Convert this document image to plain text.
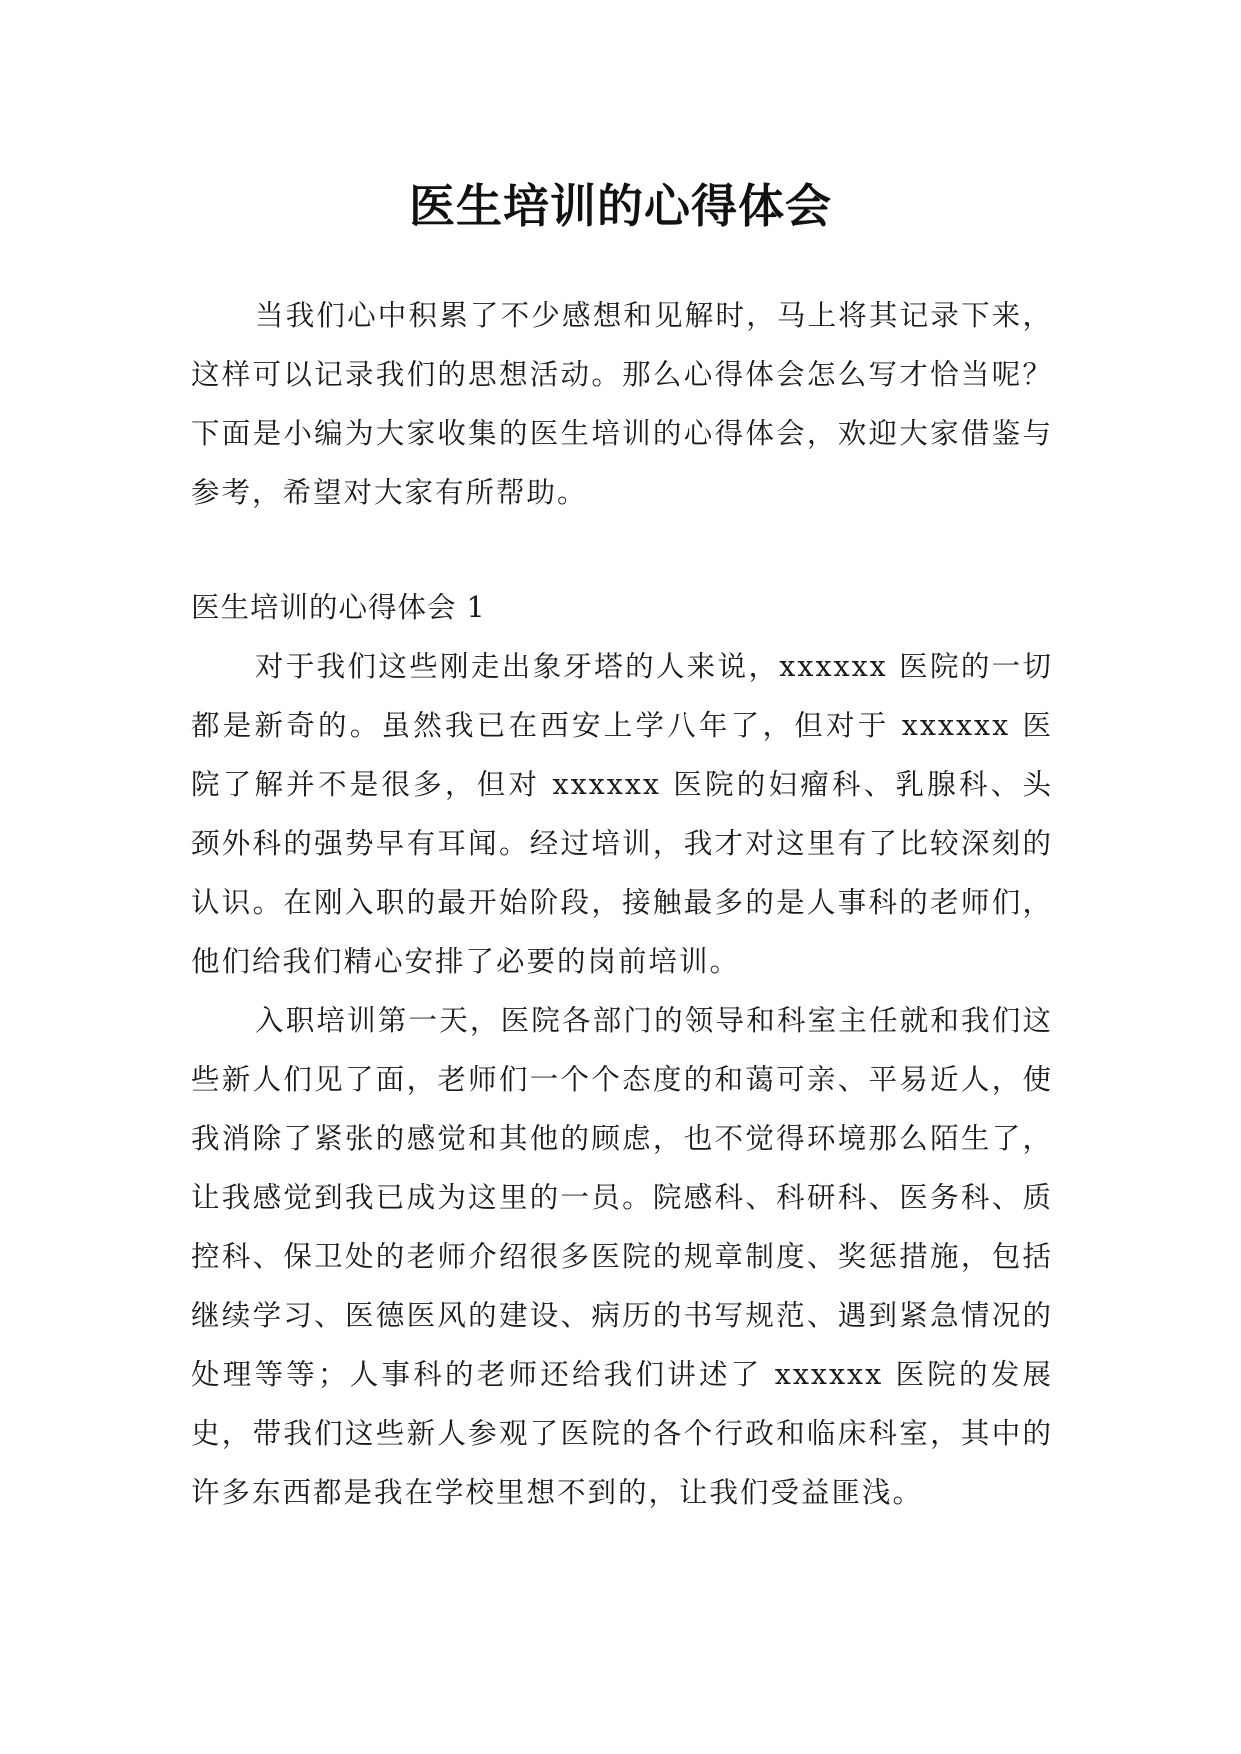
医生培训的心得体会

当我们心中积累了不少感想和见解时，马上将其记录下来，这样可以记录我们的思想活动。那么心得体会怎么写才恰当呢？下面是小编为大家收集的医生培训的心得体会，欢迎大家借鉴与参考，希望对大家有所帮助。

医生培训的心得体会 1

对于我们这些刚走出象牙塔的人来说，xxxxxx 医院的一切都是新奇的。虽然我已在西安上学八年了，但对于 xxxxxx 医院了解并不是很多，但对 xxxxxx 医院的妇瘤科、乳腺科、头颈外科的强势早有耳闻。经过培训，我才对这里有了比较深刻的认识。在刚入职的最开始阶段，接触最多的是人事科的老师们，他们给我们精心安排了必要的岗前培训。

入职培训第一天，医院各部门的领导和科室主任就和我们这些新人们见了面，老师们一个个态度的和蔼可亲、平易近人，使我消除了紧张的感觉和其他的顾虑，也不觉得环境那么陌生了，让我感觉到我已成为这里的一员。院感科、科研科、医务科、质控科、保卫处的老师介绍很多医院的规章制度、奖惩措施，包括继续学习、医德医风的建设、病历的书写规范、遇到紧急情况的处理等等；人事科的老师还给我们讲述了 xxxxxx 医院的发展史，带我们这些新人参观了医院的各个行政和临床科室，其中的许多东西都是我在学校里想不到的，让我们受益匪浅。
